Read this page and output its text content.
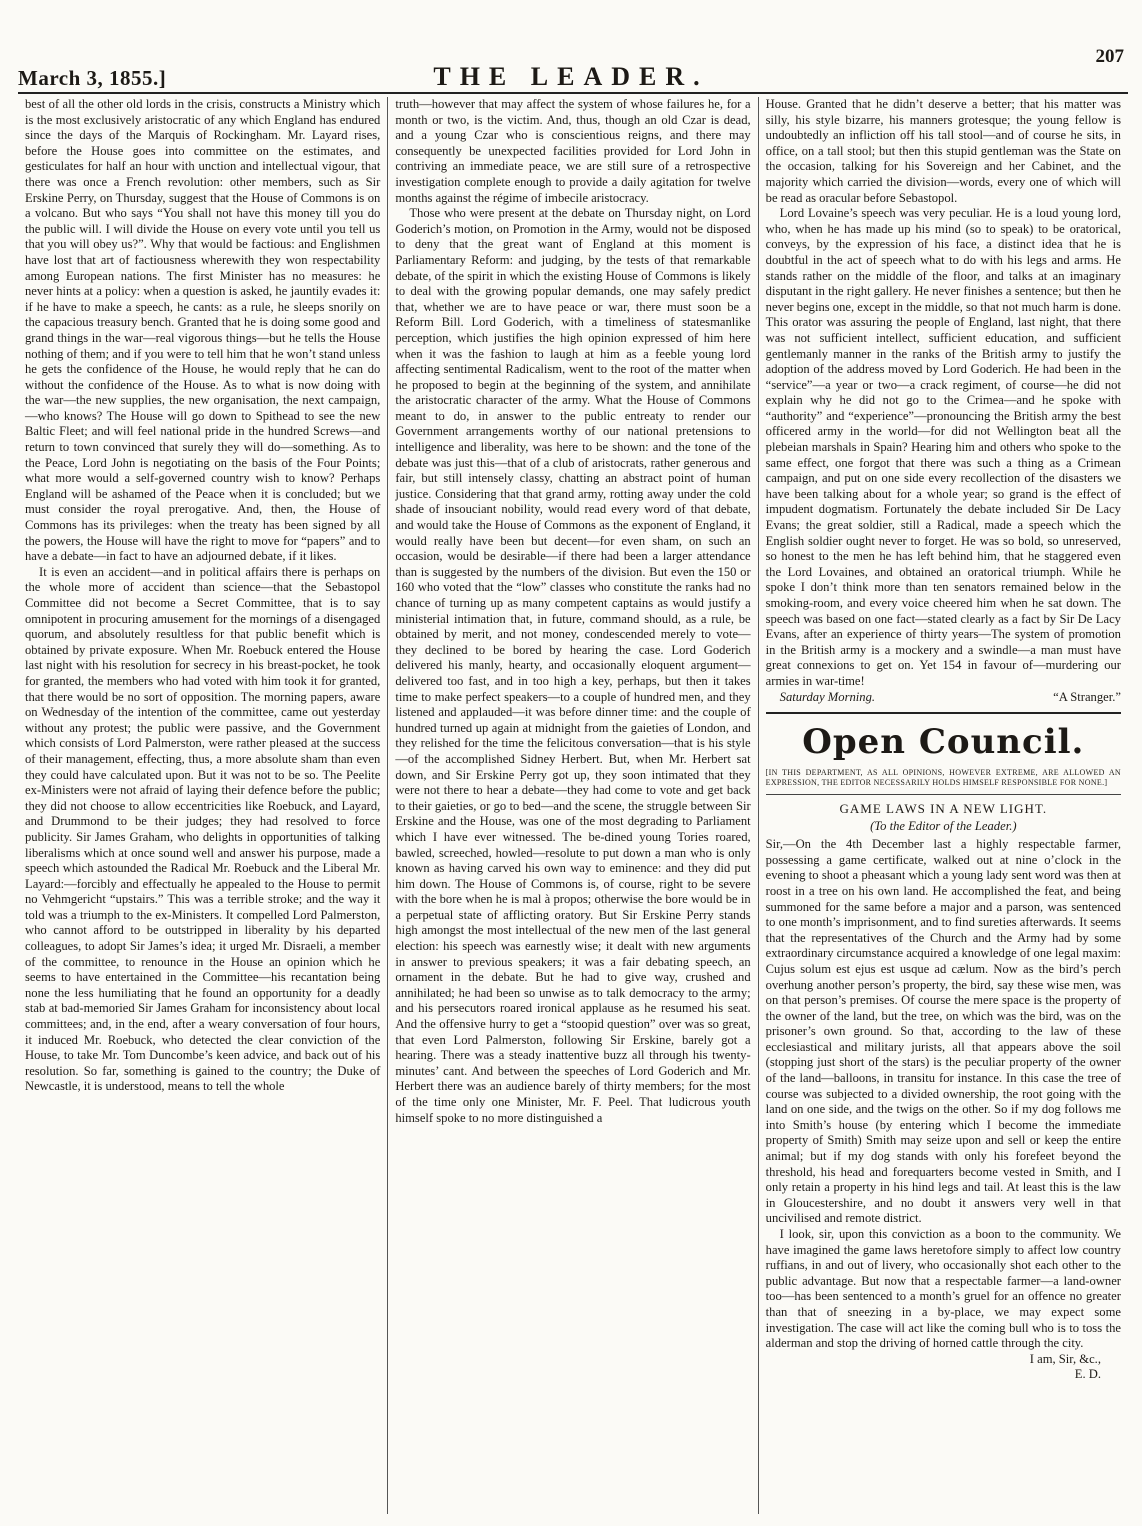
March 3, 1855.]	THE LEADER.
207

best of all the other old lords in the crisis, constructs a Ministry which is the most exclusively aristocratic of any which England has endured since the days of the Marquis of Rockingham. Mr. Layard rises, before the House goes into committee on the estimates, and gesticulates for half an hour with unction and intellectual vigour, that there was once a French revolution: other members, such as Sir Erskine Perry, on Thursday, suggest that the House of Commons is on a volcano. But who says “You shall not have this money till you do the public will. I will divide the House on every vote until you tell us that you will obey us?”. Why that would be factious: and Englishmen have lost that art of factiousness wherewith they won respectability among European nations. The first Minister has no measures: he never hints at a policy: when a question is asked, he jauntily evades it: if he have to make a speech, he cants: as a rule, he sleeps snorily on the capacious treasury bench. Granted that he is doing some good and grand things in the war—real vigorous things—but he tells the House nothing of them; and if you were to tell him that he won’t stand unless he gets the confidence of the House, he would reply that he can do without the confidence of the House. As to what is now doing with the war—the new supplies, the new organisation, the next campaign,—who knows? The House will go down to Spithead to see the new Baltic Fleet; and will feel national pride in the hundred Screws—and return to town convinced that surely they will do—something. As to the Peace, Lord John is negotiating on the basis of the Four Points; what more would a self-governed country wish to know? Perhaps England will be ashamed of the Peace when it is concluded; but we must consider the royal prerogative. And, then, the House of Commons has its privileges: when the treaty has been signed by all the powers, the House will have the right to move for “papers” and to have a debate—in fact to have an adjourned debate, if it likes.

It is even an accident—and in political affairs there is perhaps on the whole more of accident than science—that the Sebastopol Committee did not become a Secret Committee, that is to say omnipotent in procuring amusement for the mornings of a disengaged quorum, and absolutely resultless for that public benefit which is obtained by private exposure. When Mr. Roebuck entered the House last night with his resolution for secrecy in his breast-pocket, he took for granted, the members who had voted with him took it for granted, that there would be no sort of opposition. The morning papers, aware on Wednesday of the intention of the committee, came out yesterday without any protest; the public were passive, and the Government which consists of Lord Palmerston, were rather pleased at the success of their management, effecting, thus, a more absolute sham than even they could have calculated upon. But it was not to be so. The Peelite ex-Ministers were not afraid of laying their defence before the public; they did not choose to allow eccentricities like Roebuck, and Layard, and Drummond to be their judges; they had resolved to force publicity. Sir James Graham, who delights in opportunities of talking liberalisms which at once sound well and answer his purpose, made a speech which astounded the Radical Mr. Roebuck and the Liberal Mr. Layard:—forcibly and effectually he appealed to the House to permit no Vehmgericht “upstairs.” This was a terrible stroke; and the way it told was a triumph to the ex-Ministers. It compelled Lord Palmerston, who cannot afford to be outstripped in liberality by his departed colleagues, to adopt Sir James’s idea; it urged Mr. Disraeli, a member of the committee, to renounce in the House an opinion which he seems to have entertained in the Committee—his recantation being none the less humiliating that he found an opportunity for a deadly stab at bad-memoried Sir James Graham for inconsistency about local committees; and, in the end, after a weary conversation of four hours, it induced Mr. Roebuck, who detected the clear conviction of the House, to take Mr. Tom Duncombe’s keen advice, and back out of his resolution. So far, something is gained to the country; the Duke of Newcastle, it is understood, means to tell the whole

truth—however that may affect the system of whose failures he, for a month or two, is the victim. And, thus, though an old Czar is dead, and a young Czar who is conscientious reigns, and there may consequently be unexpected facilities provided for Lord John in contriving an immediate peace, we are still sure of a retrospective investigation complete enough to provide a daily agitation for twelve months against the régime of imbecile aristocracy.

Those who were present at the debate on Thursday night, on Lord Goderich’s motion, on Promotion in the Army, would not be disposed to deny that the great want of England at this moment is Parliamentary Reform: and judging, by the tests of that remarkable debate, of the spirit in which the existing House of Commons is likely to deal with the growing popular demands, one may safely predict that, whether we are to have peace or war, there must soon be a Reform Bill. Lord Goderich, with a timeliness of statesmanlike perception, which justifies the high opinion expressed of him here when it was the fashion to laugh at him as a feeble young lord affecting sentimental Radicalism, went to the root of the matter when he proposed to begin at the beginning of the system, and annihilate the aristocratic character of the army. What the House of Commons meant to do, in answer to the public entreaty to render our Government arrangements worthy of our national pretensions to intelligence and liberality, was here to be shown: and the tone of the debate was just this—that of a club of aristocrats, rather generous and fair, but still intensely classy, chatting an abstract point of human justice. Considering that that grand army, rotting away under the cold shade of insouciant nobility, would read every word of that debate, and would take the House of Commons as the exponent of England, it would really have been but decent—for even sham, on such an occasion, would be desirable—if there had been a larger attendance than is suggested by the numbers of the division. But even the 150 or 160 who voted that the “low” classes who constitute the ranks had no chance of turning up as many competent captains as would justify a ministerial intimation that, in future, command should, as a rule, be obtained by merit, and not money, condescended merely to vote—they declined to be bored by hearing the case. Lord Goderich delivered his manly, hearty, and occasionally eloquent argument—delivered too fast, and in too high a key, perhaps, but then it takes time to make perfect speakers—to a couple of hundred men, and they listened and applauded—it was before dinner time: and the couple of hundred turned up again at midnight from the gaieties of London, and they relished for the time the felicitous conversation—that is his style—of the accomplished Sidney Herbert. But, when Mr. Herbert sat down, and Sir Erskine Perry got up, they soon intimated that they were not there to hear a debate—they had come to vote and get back to their gaieties, or go to bed—and the scene, the struggle between Sir Erskine and the House, was one of the most degrading to Parliament which I have ever witnessed. The be-dined young Tories roared, bawled, screeched, howled—resolute to put down a man who is only known as having carved his own way to eminence: and they did put him down. The House of Commons is, of course, right to be severe with the bore when he is mal à propos; otherwise the bore would be in a perpetual state of afflicting oratory. But Sir Erskine Perry stands high amongst the most intellectual of the new men of the last general election: his speech was earnestly wise; it dealt with new arguments in answer to previous speakers; it was a fair debating speech, an ornament in the debate. But he had to give way, crushed and annihilated; he had been so unwise as to talk democracy to the army; and his persecutors roared ironical applause as he resumed his seat. And the offensive hurry to get a “stoopid question” over was so great, that even Lord Palmerston, following Sir Erskine, barely got a hearing. There was a steady inattentive buzz all through his twenty-minutes’ cant. And between the speeches of Lord Goderich and Mr. Herbert there was an audience barely of thirty members; for the most of the time only one Minister, Mr. F. Peel. That ludicrous youth himself spoke to no more distinguished a

House. Granted that he didn’t deserve a better; that his matter was silly, his style bizarre, his manners grotesque; the young fellow is undoubtedly an infliction off his tall stool—and of course he sits, in office, on a tall stool; but then this stupid gentleman was the State on the occasion, talking for his Sovereign and her Cabinet, and the majority which carried the division—words, every one of which will be read as oracular before Sebastopol.

Lord Lovaine’s speech was very peculiar. He is a loud young lord, who, when he has made up his mind (so to speak) to be oratorical, conveys, by the expression of his face, a distinct idea that he is doubtful in the act of speech what to do with his legs and arms. He stands rather on the middle of the floor, and talks at an imaginary disputant in the right gallery. He never finishes a sentence; but then he never begins one, except in the middle, so that not much harm is done. This orator was assuring the people of England, last night, that there was not sufficient intellect, sufficient education, and sufficient gentlemanly manner in the ranks of the British army to justify the adoption of the address moved by Lord Goderich. He had been in the “service”—a year or two—a crack regiment, of course—he did not explain why he did not go to the Crimea—and he spoke with “authority” and “experience”—pronouncing the British army the best officered army in the world—for did not Wellington beat all the plebeian marshals in Spain? Hearing him and others who spoke to the same effect, one forgot that there was such a thing as a Crimean campaign, and put on one side every recollection of the disasters we have been talking about for a whole year; so grand is the effect of impudent dogmatism. Fortunately the debate included Sir De Lacy Evans; the great soldier, still a Radical, made a speech which the English soldier ought never to forget. He was so bold, so unreserved, so honest to the men he has left behind him, that he staggered even the Lord Lovaines, and obtained an oratorical triumph. While he spoke I don’t think more than ten senators remained below in the smoking-room, and every voice cheered him when he sat down. The speech was based on one fact—stated clearly as a fact by Sir De Lacy Evans, after an experience of thirty years—The system of promotion in the British army is a mockery and a swindle—a man must have great connexions to get on. Yet 154 in favour of—murdering our armies in war-time!

Saturday Morning.	“A Stranger.”
Open Council.
[IN THIS DEPARTMENT, AS ALL OPINIONS, HOWEVER EXTREME, ARE ALLOWED AN EXPRESSION, THE EDITOR NECESSARILY HOLDS HIMSELF RESPONSIBLE FOR NONE.]
GAME LAWS IN A NEW LIGHT.
(To the Editor of the Leader.)

Sir,—On the 4th December last a highly respectable farmer, possessing a game certificate, walked out at nine o’clock in the evening to shoot a pheasant which a young lady sent word was then at roost in a tree on his own land. He accomplished the feat, and being summoned for the same before a major and a parson, was sentenced to one month’s imprisonment, and to find sureties afterwards. It seems that the representatives of the Church and the Army had by some extraordinary circumstance acquired a knowledge of one legal maxim: Cujus solum est ejus est usque ad cælum. Now as the bird’s perch overhung another person’s property, the bird, say these wise men, was on that person’s premises. Of course the mere space is the property of the owner of the land, but the tree, on which was the bird, was on the prisoner’s own ground. So that, according to the law of these ecclesiastical and military jurists, all that appears above the soil (stopping just short of the stars) is the peculiar property of the owner of the land—balloons, in transitu for instance. In this case the tree of course was subjected to a divided ownership, the root going with the land on one side, and the twigs on the other. So if my dog follows me into Smith’s house (by entering which I become the immediate property of Smith) Smith may seize upon and sell or keep the entire animal; but if my dog stands with only his forefeet beyond the threshold, his head and forequarters become vested in Smith, and I only retain a property in his hind legs and tail. At least this is the law in Gloucestershire, and no doubt it answers very well in that uncivilised and remote district.

I look, sir, upon this conviction as a boon to the community. We have imagined the game laws heretofore simply to affect low country ruffians, in and out of livery, who occasionally shot each other to the public advantage. But now that a respectable farmer—a land-owner too—has been sentenced to a month’s gruel for an offence no greater than that of sneezing in a by-place, we may expect some investigation. The case will act like the coming bull who is to toss the alderman and stop the driving of horned cattle through the city.

I am, Sir, &c.,
E. D.
